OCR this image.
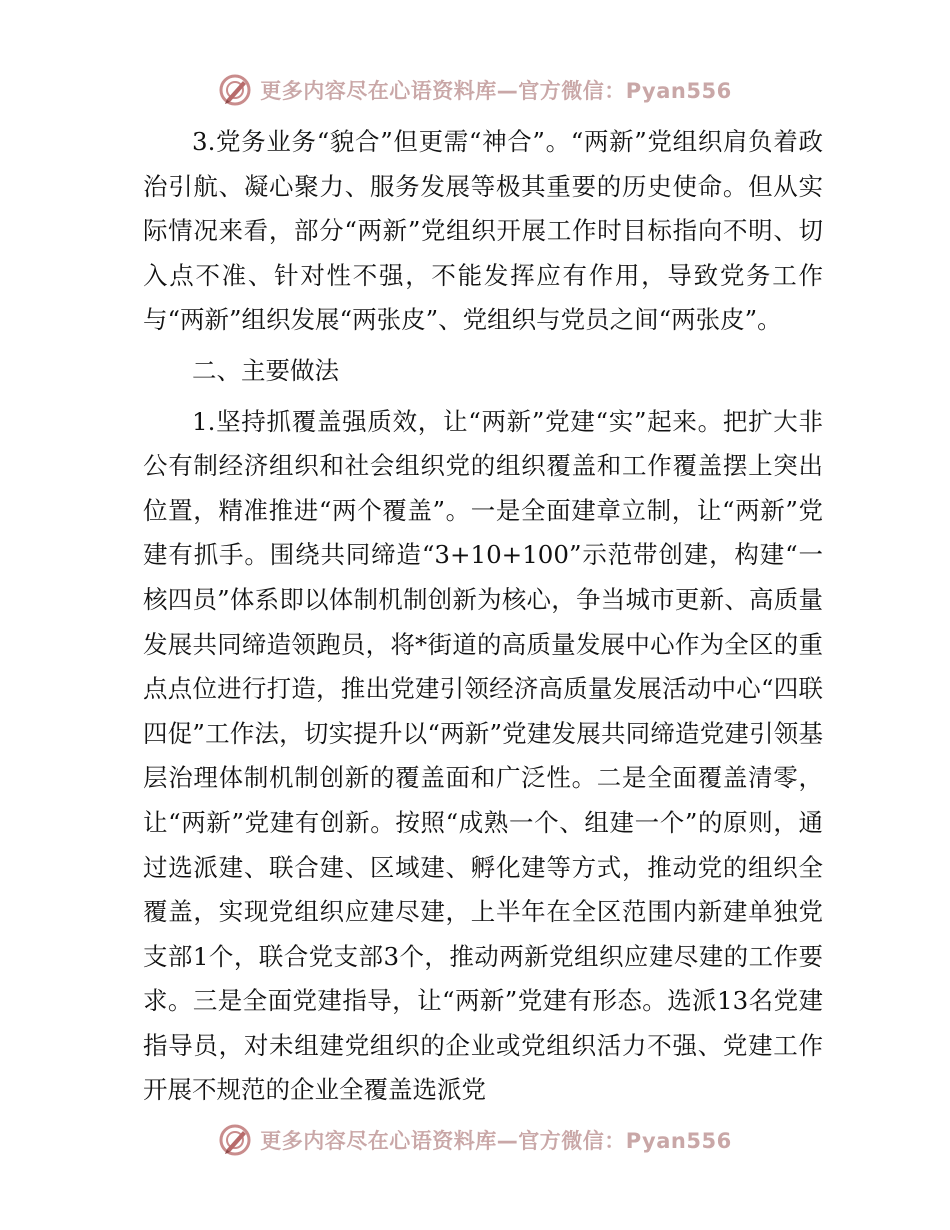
更多内容尽在心语资料库—官方微信：Pyan556

3.党务业务“貌合”但更需“神合”。“两新”党组织肩负着政治引航、凝心聚力、服务发展等极其重要的历史使命。但从实际情况来看，部分“两新”党组织开展工作时目标指向不明、切入点不准、针对性不强，不能发挥应有作用，导致党务工作与“两新”组织发展“两张皮”、党组织与党员之间“两张皮”。

二、主要做法

1.坚持抓覆盖强质效，让“两新”党建“实”起来。把扩大非公有制经济组织和社会组织党的组织覆盖和工作覆盖摆上突出位置，精准推进“两个覆盖”。一是全面建章立制，让“两新”党建有抓手。围绕共同缔造“3+10+100”示范带创建，构建“一核四员”体系即以体制机制创新为核心，争当城市更新、高质量发展共同缔造领跑员，将*街道的高质量发展中心作为全区的重点点位进行打造，推出党建引领经济高质量发展活动中心“四联四促”工作法，切实提升以“两新”党建发展共同缔造党建引领基层治理体制机制创新的覆盖面和广泛性。二是全面覆盖清零，让“两新”党建有创新。按照“成熟一个、组建一个”的原则，通过选派建、联合建、区域建、孵化建等方式，推动党的组织全覆盖，实现党组织应建尽建，上半年在全区范围内新建单独党支部1个，联合党支部3个，推动两新党组织应建尽建的工作要求。三是全面党建指导，让“两新”党建有形态。选派13名党建指导员，对未组建党组织的企业或党组织活力不强、党建工作开展不规范的企业全覆盖选派党

更多内容尽在心语资料库—官方微信：Pyan556
